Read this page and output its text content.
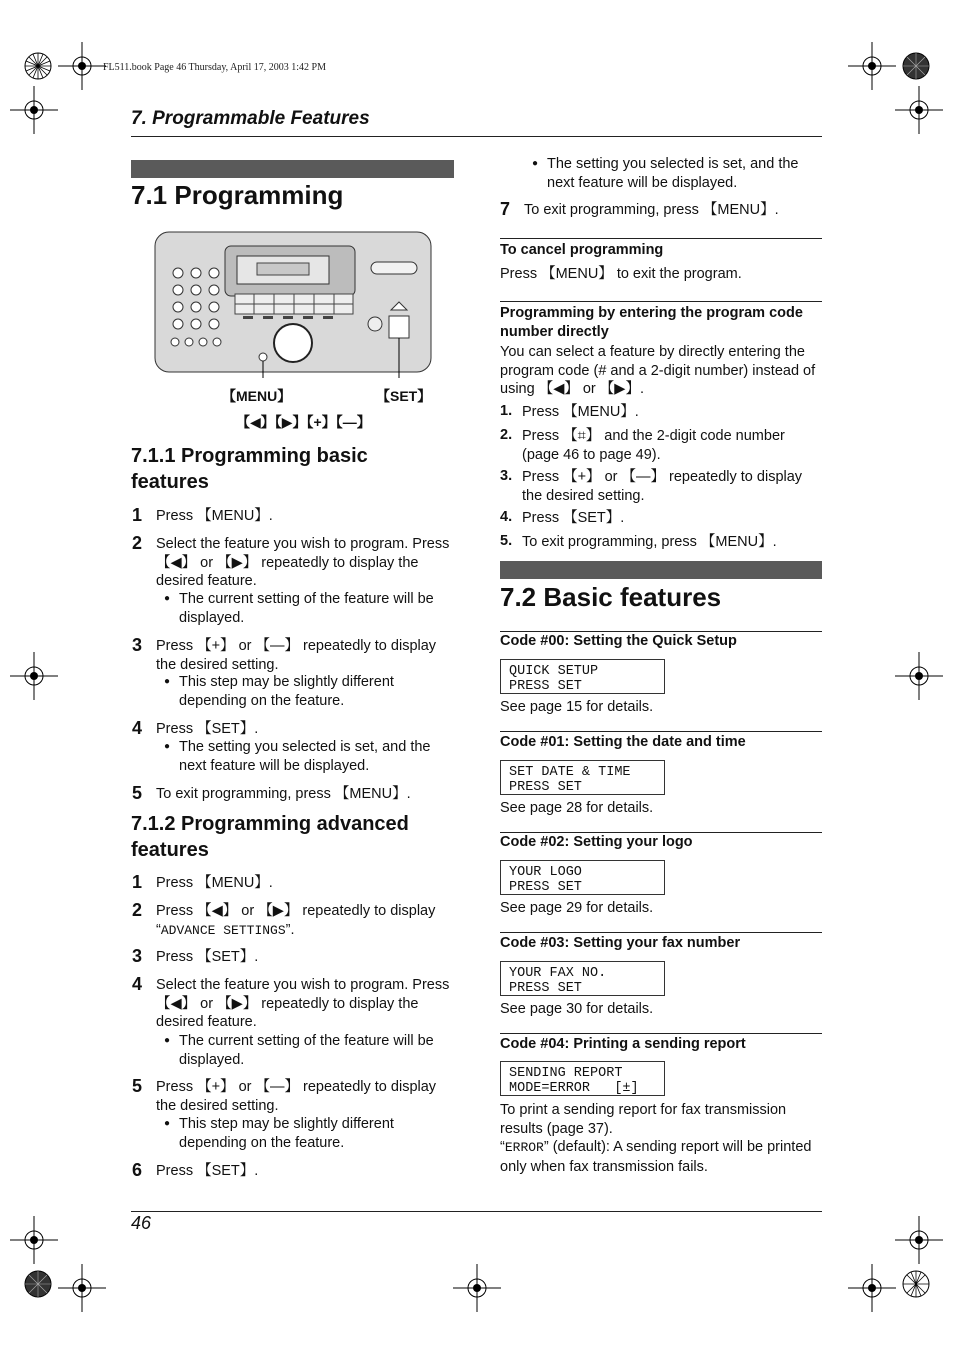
FL511.book Page 46 Thursday, April 17, 2003 1:42 PM
7. Programmable Features
7.1 Programming
【MENU】	【SET】
【◀】【▶】【+】【—】
7.1.1 Programming basic features
1 Press 【MENU】.
2 Select the feature you wish to program. Press 【◀】 or 【▶】 repeatedly to display the desired feature.
● The current setting of the feature will be displayed.
3 Press 【+】 or 【—】 repeatedly to display the desired setting.
● This step may be slightly different depending on the feature.
4 Press 【SET】.
● The setting you selected is set, and the next feature will be displayed.
5 To exit programming, press 【MENU】.
7.1.2 Programming advanced features
1 Press 【MENU】.
2 Press 【◀】 or 【▶】 repeatedly to display
“ADVANCE SETTINGS”.
3 Press 【SET】.
4 Select the feature you wish to program. Press 【◀】 or 【▶】 repeatedly to display the desired feature.
● The current setting of the feature will be displayed.
5 Press 【+】 or 【—】 repeatedly to display the desired setting.
● This step may be slightly different depending on the feature.
6 Press 【SET】.
● The setting you selected is set, and the next feature will be displayed.
7 To exit programming, press 【MENU】.
To cancel programming
Press 【MENU】 to exit the program.
Programming by entering the program code number directly
You can select a feature by directly entering the program code (# and a 2-digit number) instead of using 【◀】 or 【▶】.
1. Press 【MENU】.
2. Press 【⌗】 and the 2-digit code number (page 46 to page 49).
3. Press 【+】 or 【—】 repeatedly to display the desired setting.
4. Press 【SET】.
5. To exit programming, press 【MENU】.
7.2 Basic features
Code #00: Setting the Quick Setup
QUICK SETUP
PRESS SET
See page 15 for details.
Code #01: Setting the date and time
SET DATE & TIME
PRESS SET
See page 28 for details.
Code #02: Setting your logo
YOUR LOGO
PRESS SET
See page 29 for details.
Code #03: Setting your fax number
YOUR FAX NO.
PRESS SET
See page 30 for details.
Code #04: Printing a sending report
SENDING REPORT
MODE=ERROR   [±]
To print a sending report for fax transmission results (page 37).
“ERROR” (default): A sending report will be printed only when fax transmission fails.
46
